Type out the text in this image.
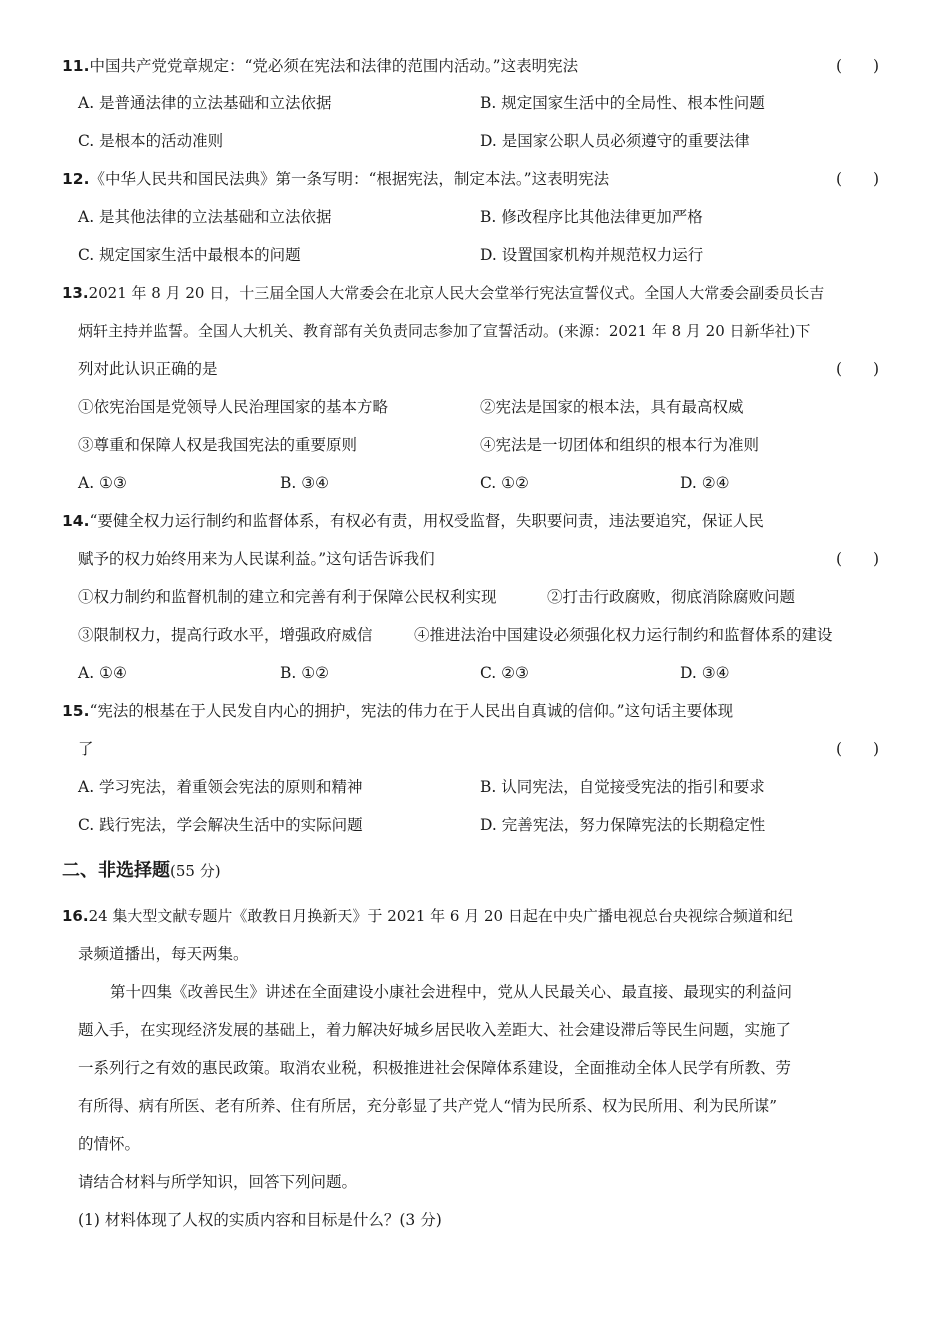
11.中国共产党党章规定：“党必须在宪法和法律的范围内活动。”这表明宪法	(　　)
A. 是普通法律的立法基础和立法依据	B. 规定国家生活中的全局性、根本性问题
C. 是根本的活动准则	D. 是国家公职人员必须遵守的重要法律
12.《中华人民共和国民法典》第一条写明：“根据宪法，制定本法。”这表明宪法	(　　)
A. 是其他法律的立法基础和立法依据	B. 修改程序比其他法律更加严格
C. 规定国家生活中最根本的问题	D. 设置国家机构并规范权力运行
13.2021 年 8 月 20 日，十三届全国人大常委会在北京人民大会堂举行宪法宣誓仪式。全国人大常委会副委员长吉
炳轩主持并监誓。全国人大机关、教育部有关负责同志参加了宣誓活动。(来源：2021 年 8 月 20 日新华社)下
列对此认识正确的是	(　　)
①依宪治国是党领导人民治理国家的基本方略	②宪法是国家的根本法，具有最高权威
③尊重和保障人权是我国宪法的重要原则	④宪法是一切团体和组织的根本行为准则
A. ①③	B. ③④	C. ①②	D. ②④
14.“要健全权力运行制约和监督体系，有权必有责，用权受监督，失职要问责，违法要追究，保证人民
赋予的权力始终用来为人民谋利益。”这句话告诉我们	(　　)
①权力制约和监督机制的建立和完善有利于保障公民权利实现	②打击行政腐败，彻底消除腐败问题
③限制权力，提高行政水平，增强政府威信	④推进法治中国建设必须强化权力运行制约和监督体系的建设
A. ①④	B. ①②	C. ②③	D. ③④
15.“宪法的根基在于人民发自内心的拥护，宪法的伟力在于人民出自真诚的信仰。”这句话主要体现
了	(　　)
A. 学习宪法，着重领会宪法的原则和精神	B. 认同宪法，自觉接受宪法的指引和要求
C. 践行宪法，学会解决生活中的实际问题	D. 完善宪法，努力保障宪法的长期稳定性
二、非选择题(55 分)
16.24 集大型文献专题片《敢教日月换新天》于 2021 年 6 月 20 日起在中央广播电视总台央视综合频道和纪
录频道播出，每天两集。
第十四集《改善民生》讲述在全面建设小康社会进程中，党从人民最关心、最直接、最现实的利益问
题入手，在实现经济发展的基础上，着力解决好城乡居民收入差距大、社会建设滞后等民生问题，实施了
一系列行之有效的惠民政策。取消农业税，积极推进社会保障体系建设，全面推动全体人民学有所教、劳
有所得、病有所医、老有所养、住有所居，充分彰显了共产党人“情为民所系、权为民所用、利为民所谋”
的情怀。
请结合材料与所学知识，回答下列问题。
(1) 材料体现了人权的实质内容和目标是什么？(3 分)
